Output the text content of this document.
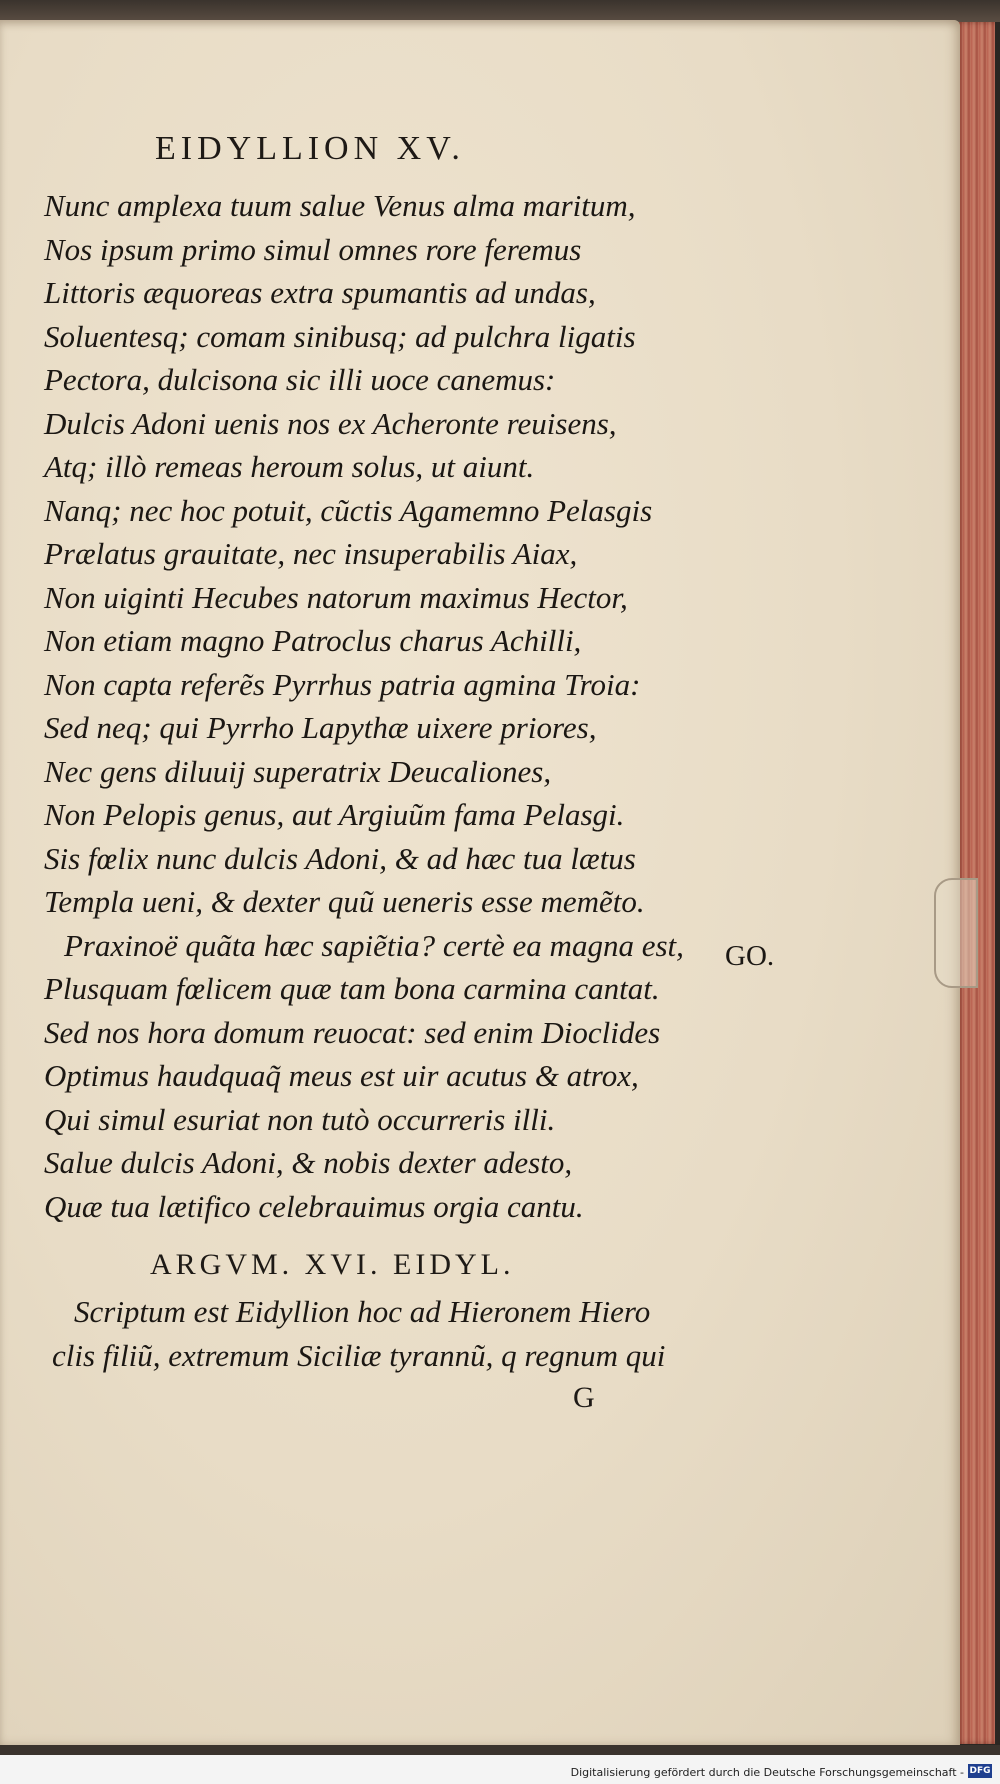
EIDYLLION XV.
Nunc amplexa tuum salue Venus alma maritum,
Nos ipsum primo simul omnes rore feremus
Littoris æquoreas extra spumantis ad undas,
Soluentesq; comam sinibusq; ad pulchra ligatis
Pectora, dulcisona sic illi uoce canemus:
Dulcis Adoni uenis nos ex Acheronte reuisens,
Atq; illò remeas heroum solus, ut aiunt.
Nanq; nec hoc potuit, cũctis Agamemno Pelasgis
Prælatus grauitate, nec insuperabilis Aiax,
Non uiginti Hecubes natorum maximus Hector,
Non etiam magno Patroclus charus Achilli,
Non capta referẽs Pyrrhus patria agmina Troia:
Sed neq; qui Pyrrho Lapythæ uixere priores,
Nec gens diluuij superatrix Deucaliones,
Non Pelopis genus, aut Argiuũm fama Pelasgi.
Sis fœlix nunc dulcis Adoni, & ad hæc tua lætus
Templa ueni, & dexter quũ ueneris esse memẽto.
Praxinoë quãta hæc sapiẽtia? certè ea magna est,
Plusquam fœlicem quæ tam bona carmina cantat.
Sed nos hora domum reuocat: sed enim Dioclides
Optimus haudquaq̃ meus est uir acutus & atrox,
Qui simul esuriat non tutò occurreris illi.
Salue dulcis Adoni, & nobis dexter adesto,
Quæ tua lætifico celebrauimus orgia cantu.
GO.
ARGVM. XVI. EIDYL.
Scriptum est Eidyllion hoc ad Hieronem Hiero
clis filiũ, extremum Siciliæ tyrannũ, q regnum qui
G
Digitalisierung gefördert durch die Deutsche Forschungsgemeinschaft - DFG
